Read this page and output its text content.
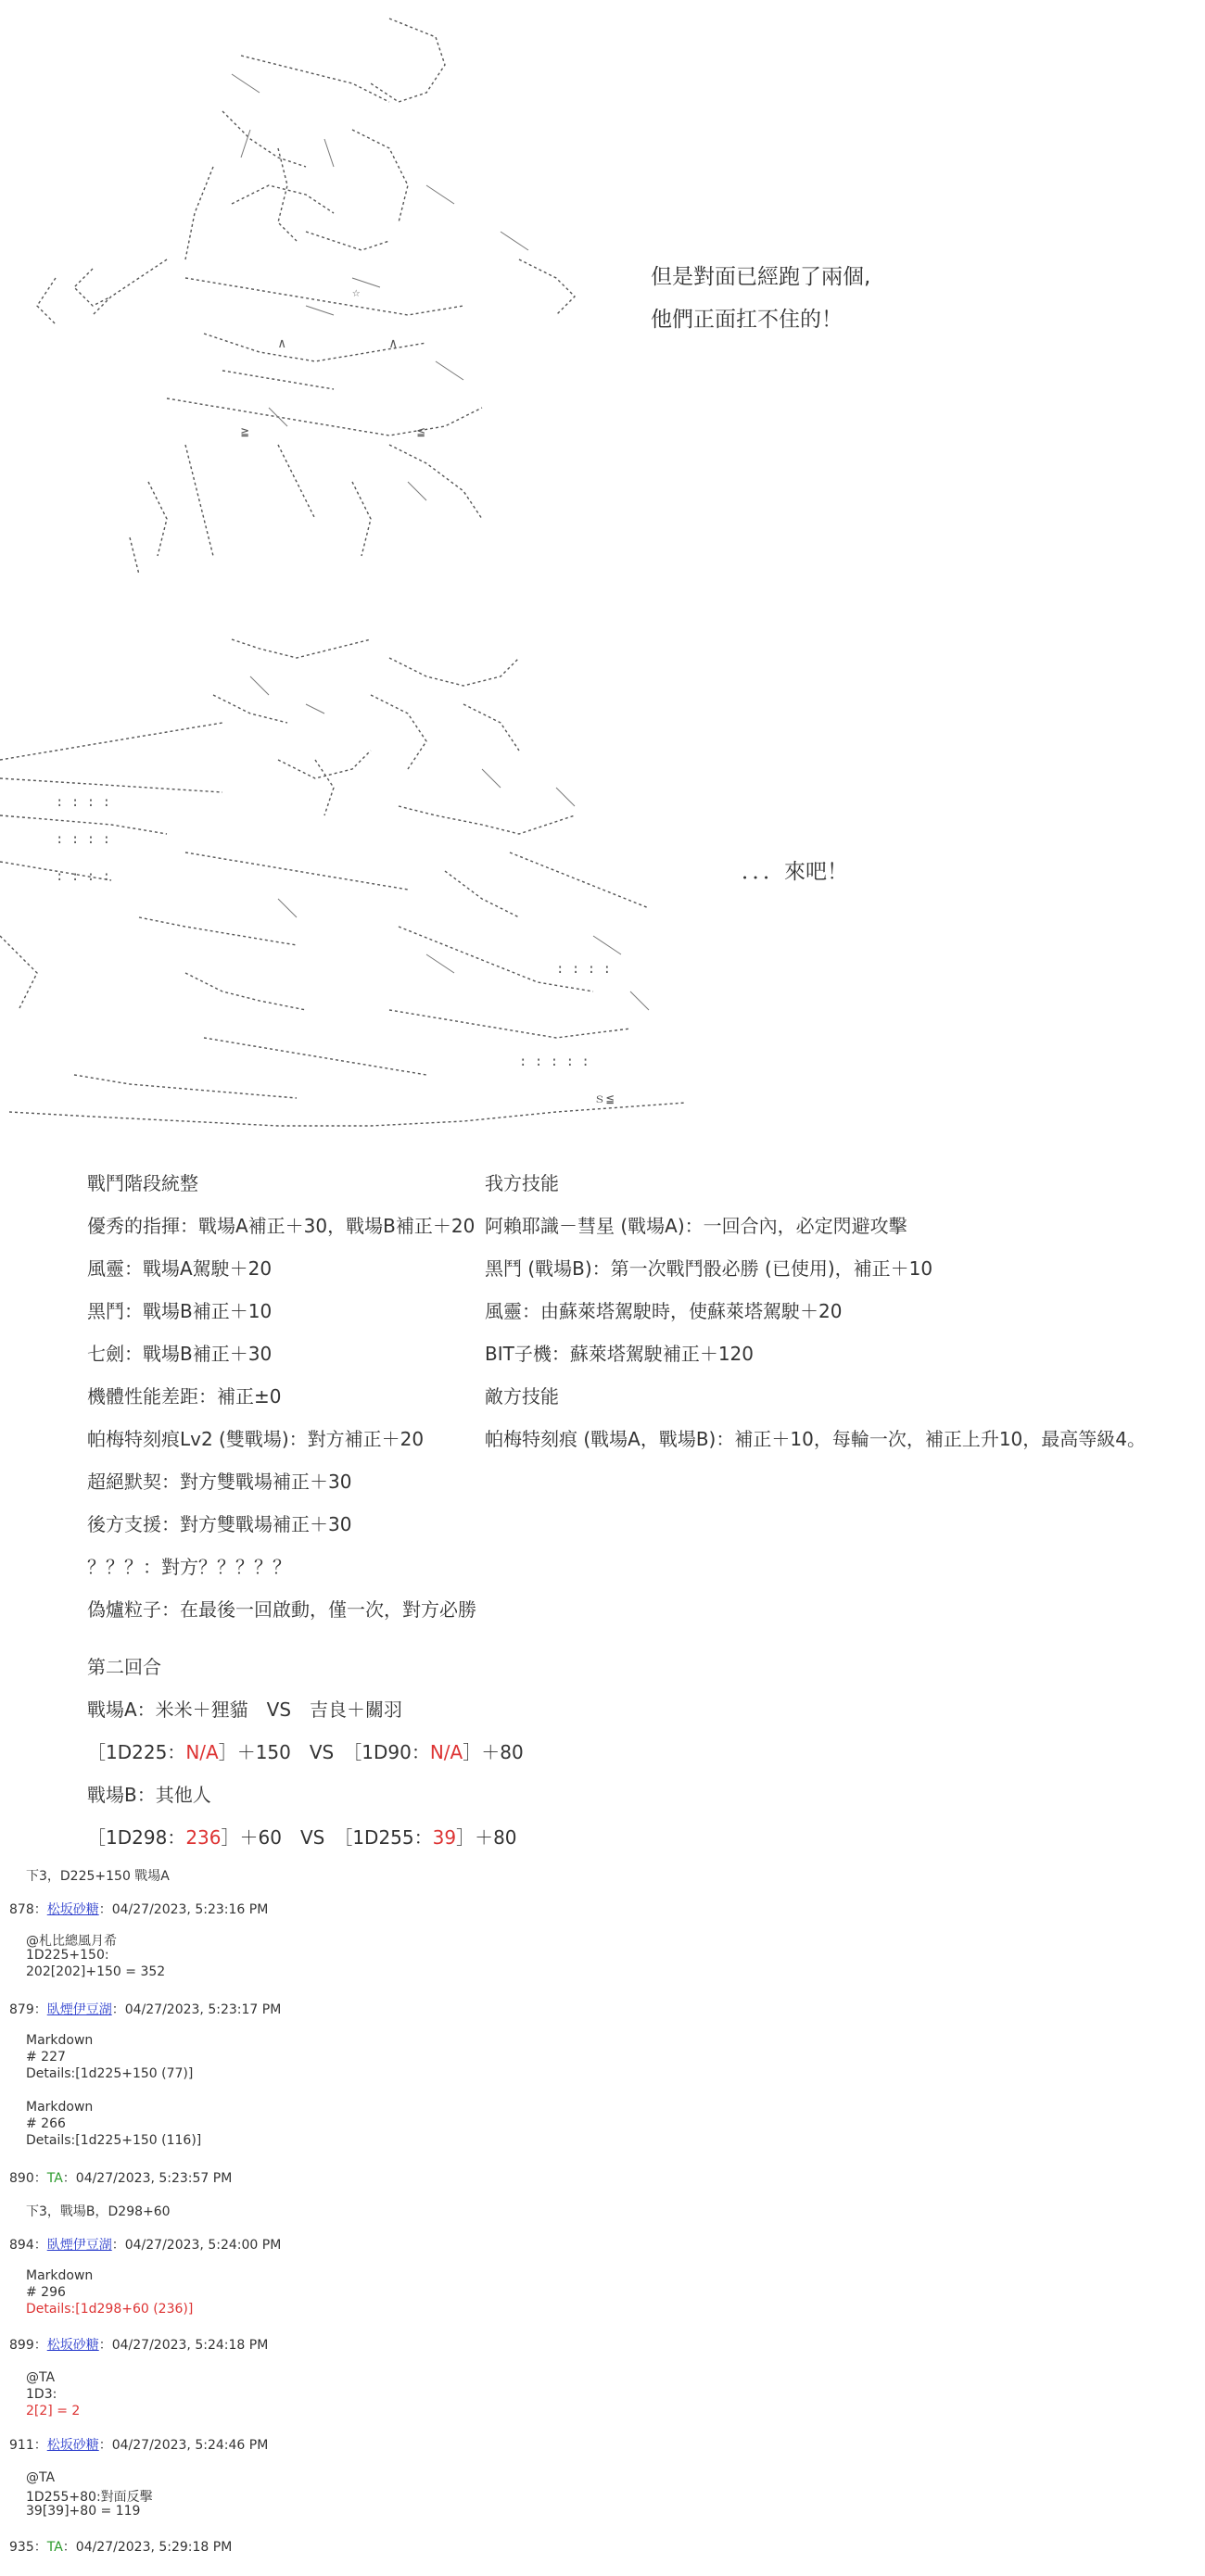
☆
≧	≦
∧	∧
但是對面已經跑了兩個,
他們正面扛不住的！
: : : :
: : : :
: : : :
: : : :
: : : : :
ｓ≦
．．．來吧！
戰鬥階段統整
優秀的指揮：戰場A補正＋30，戰場B補正＋20
風靈：戰場A駕駛＋20
黑鬥：戰場B補正＋10
七劍：戰場B補正＋30
機體性能差距：補正±0
帕梅特刻痕Lv2 (雙戰場)：對方補正＋20
超絕默契：對方雙戰場補正＋30
後方支援：對方雙戰場補正＋30
？？？：對方？？？？？
偽爐粒子：在最後一回啟動，僅一次，對方必勝
我方技能
阿賴耶識－彗星 (戰場A)：一回合內，必定閃避攻擊
黑鬥 (戰場B)：第一次戰鬥骰必勝 (已使用)，補正＋10
風靈：由蘇萊塔駕駛時，使蘇萊塔駕駛＋20
BIT子機：蘇萊塔駕駛補正＋120
敵方技能
帕梅特刻痕 (戰場A，戰場B)：補正＋10，每輪一次，補正上升10，最高等級4。
第二回合
戰場A：米米＋狸貓　VS　吉良＋關羽
［1D225：N/A］＋150　VS　［1D90：N/A］＋80
戰場B：其他人
［1D298：236］＋60　VS　［1D255：39］＋80
下3，D225+150 戰場A
878：松坂砂糖：04/27/2023, 5:23:16 PM
@札比總風月希
1D225+150:
202[202]+150 = 352
879：臥煙伊豆湖：04/27/2023, 5:23:17 PM
Markdown
# 227
Details:[1d225+150 (77)]
Markdown
# 266
Details:[1d225+150 (116)]
890：TA：04/27/2023, 5:23:57 PM
下3，戰場B，D298+60
894：臥煙伊豆湖：04/27/2023, 5:24:00 PM
Markdown
# 296
Details:[1d298+60 (236)]
899：松坂砂糖：04/27/2023, 5:24:18 PM
@TA
1D3:
2[2] = 2
911：松坂砂糖：04/27/2023, 5:24:46 PM
@TA
1D255+80:對面反擊
39[39]+80 = 119
935：TA：04/27/2023, 5:29:18 PM
